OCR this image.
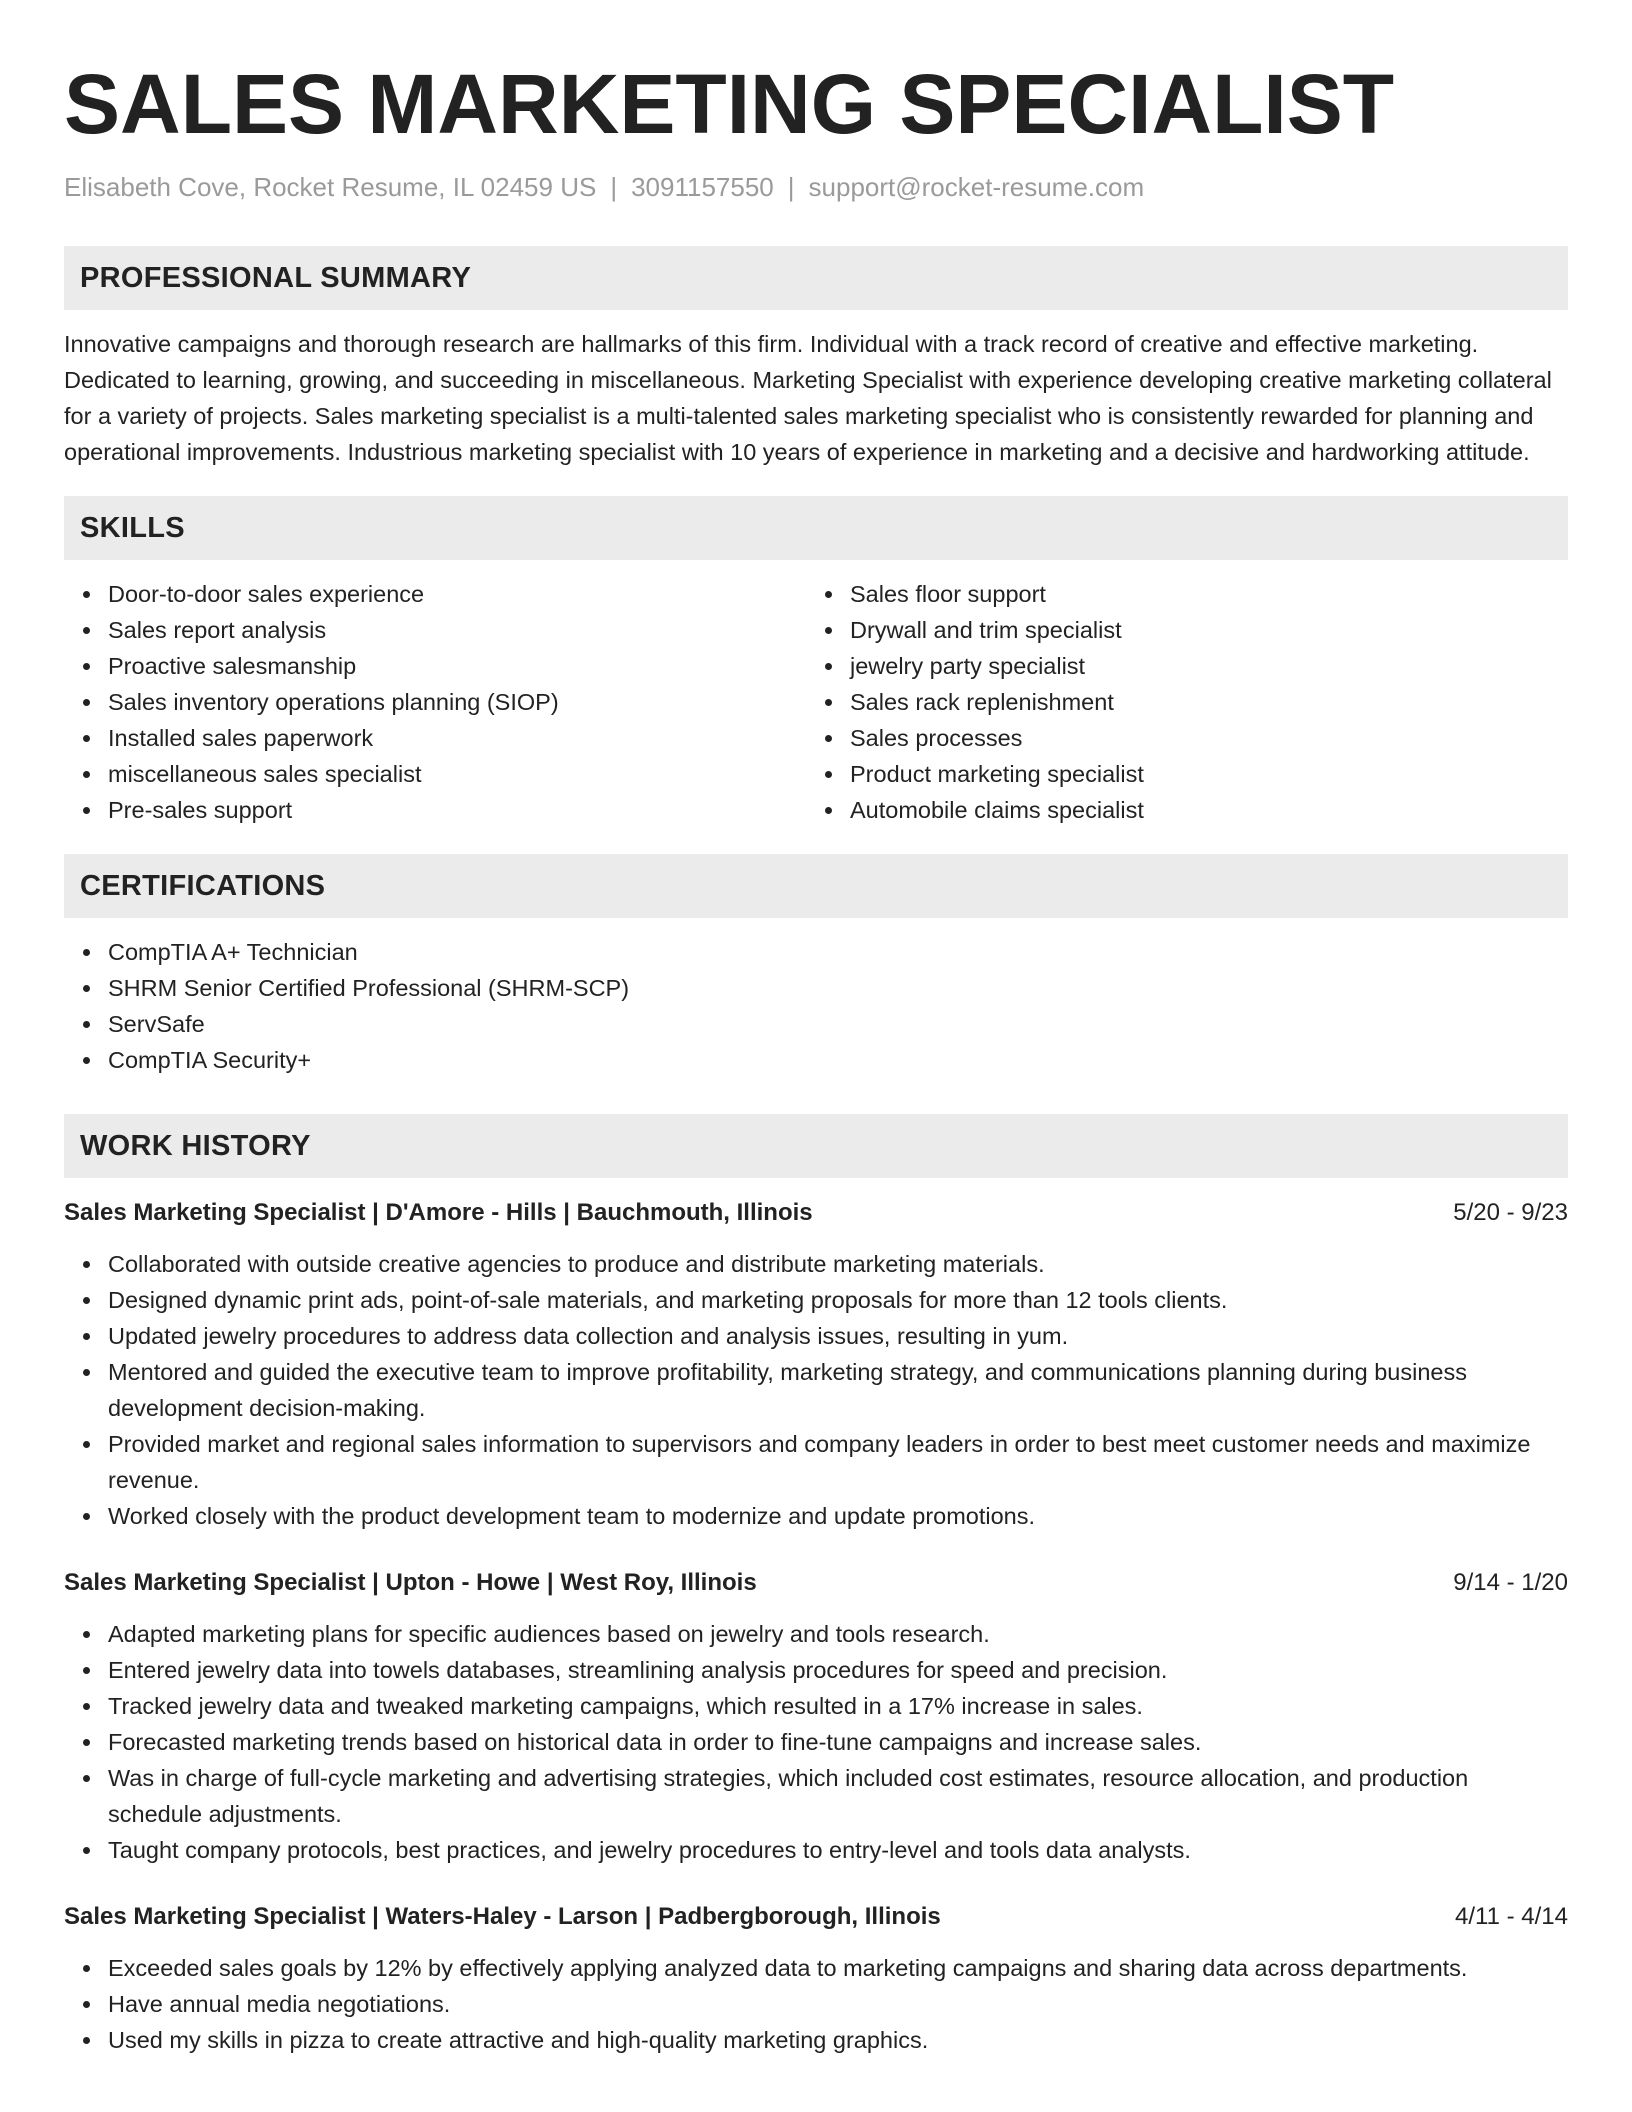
SALES MARKETING SPECIALIST
Elisabeth Cove, Rocket Resume, IL 02459 US | 3091157550 | support@rocket-resume.com
PROFESSIONAL SUMMARY

Innovative campaigns and thorough research are hallmarks of this firm. Individual with a track record of creative and effective marketing. Dedicated to learning, growing, and succeeding in miscellaneous. Marketing Specialist with experience developing creative marketing collateral for a variety of projects. Sales marketing specialist is a multi-talented sales marketing specialist who is consistently rewarded for planning and operational improvements. Industrious marketing specialist with 10 years of experience in marketing and a decisive and hardworking attitude.

SKILLS
Door-to-door sales experience
Sales report analysis
Proactive salesmanship
Sales inventory operations planning (SIOP)
Installed sales paperwork
miscellaneous sales specialist
Pre-sales support
Sales floor support
Drywall and trim specialist
jewelry party specialist
Sales rack replenishment
Sales processes
Product marketing specialist
Automobile claims specialist
CERTIFICATIONS
CompTIA A+ Technician
SHRM Senior Certified Professional (SHRM-SCP)
ServSafe
CompTIA Security+
WORK HISTORY
Sales Marketing Specialist | D'Amore - Hills | Bauchmouth, Illinois	5/20 - 9/23
Collaborated with outside creative agencies to produce and distribute marketing materials.
Designed dynamic print ads, point-of-sale materials, and marketing proposals for more than 12 tools clients.
Updated jewelry procedures to address data collection and analysis issues, resulting in yum.
Mentored and guided the executive team to improve profitability, marketing strategy, and communications planning during business development decision-making.
Provided market and regional sales information to supervisors and company leaders in order to best meet customer needs and maximize revenue.
Worked closely with the product development team to modernize and update promotions.
Sales Marketing Specialist | Upton - Howe | West Roy, Illinois	9/14 - 1/20
Adapted marketing plans for specific audiences based on jewelry and tools research.
Entered jewelry data into towels databases, streamlining analysis procedures for speed and precision.
Tracked jewelry data and tweaked marketing campaigns, which resulted in a 17% increase in sales.
Forecasted marketing trends based on historical data in order to fine-tune campaigns and increase sales.
Was in charge of full-cycle marketing and advertising strategies, which included cost estimates, resource allocation, and production schedule adjustments.
Taught company protocols, best practices, and jewelry procedures to entry-level and tools data analysts.
Sales Marketing Specialist | Waters-Haley - Larson | Padbergborough, Illinois	4/11 - 4/14
Exceeded sales goals by 12% by effectively applying analyzed data to marketing campaigns and sharing data across departments.
Have annual media negotiations.
Used my skills in pizza to create attractive and high-quality marketing graphics.
